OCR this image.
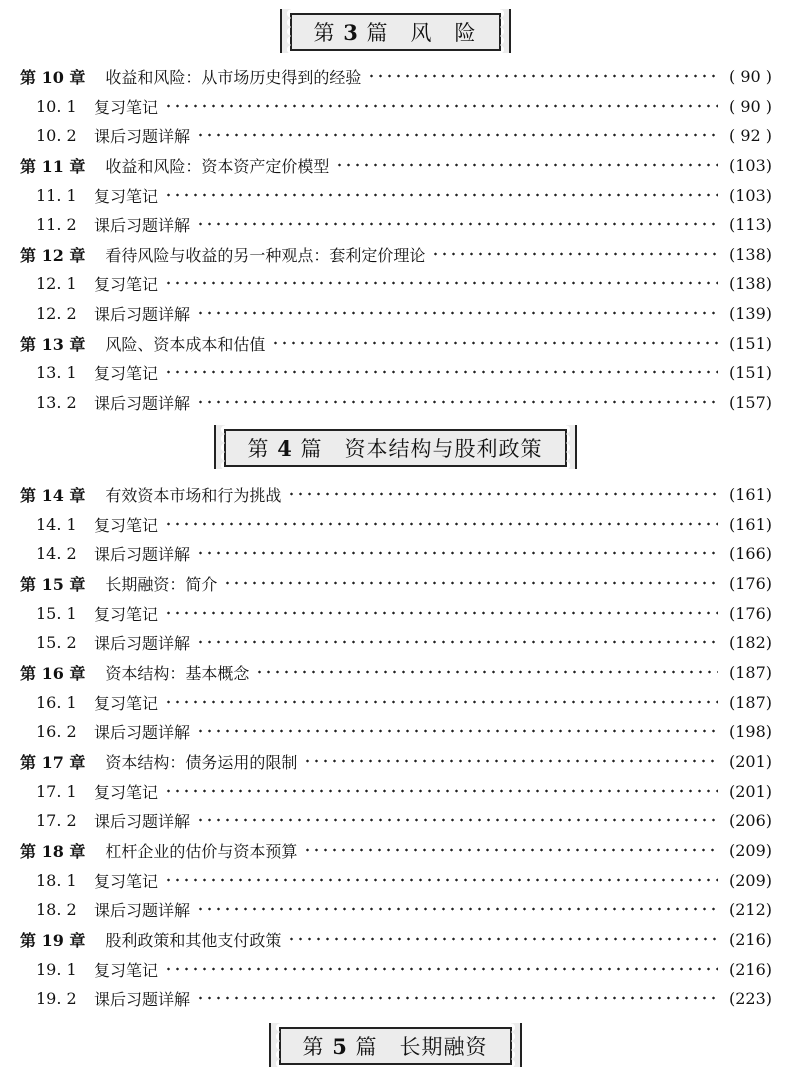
第
3
篇
　 风　险
第
4
篇
　 资本结构与股利政策
第
5
篇
　 长期融资
第 10 章 收益和风险：从市场历史得到的经验	( 90 )
10. 1	复习笔记	( 90 )
10. 2	课后习题详解	( 92 )
第 11 章 收益和风险：资本资产定价模型	(103)
11. 1	复习笔记	(103)
11. 2	课后习题详解	(113)
第 12 章 看待风险与收益的另一种观点：套利定价理论	(138)
12. 1	复习笔记	(138)
12. 2	课后习题详解	(139)
第 13 章 风险、资本成本和估值	(151)
13. 1	复习笔记	(151)
13. 2	课后习题详解	(157)
第 14 章 有效资本市场和行为挑战	(161)
14. 1	复习笔记	(161)
14. 2	课后习题详解	(166)
第 15 章 长期融资：简介	(176)
15. 1	复习笔记	(176)
15. 2	课后习题详解	(182)
第 16 章 资本结构：基本概念	(187)
16. 1	复习笔记	(187)
16. 2	课后习题详解	(198)
第 17 章 资本结构：债务运用的限制	(201)
17. 1	复习笔记	(201)
17. 2	课后习题详解	(206)
第 18 章 杠杆企业的估价与资本预算	(209)
18. 1	复习笔记	(209)
18. 2	课后习题详解	(212)
第 19 章 股利政策和其他支付政策	(216)
19. 1	复习笔记	(216)
19. 2	课后习题详解	(223)
